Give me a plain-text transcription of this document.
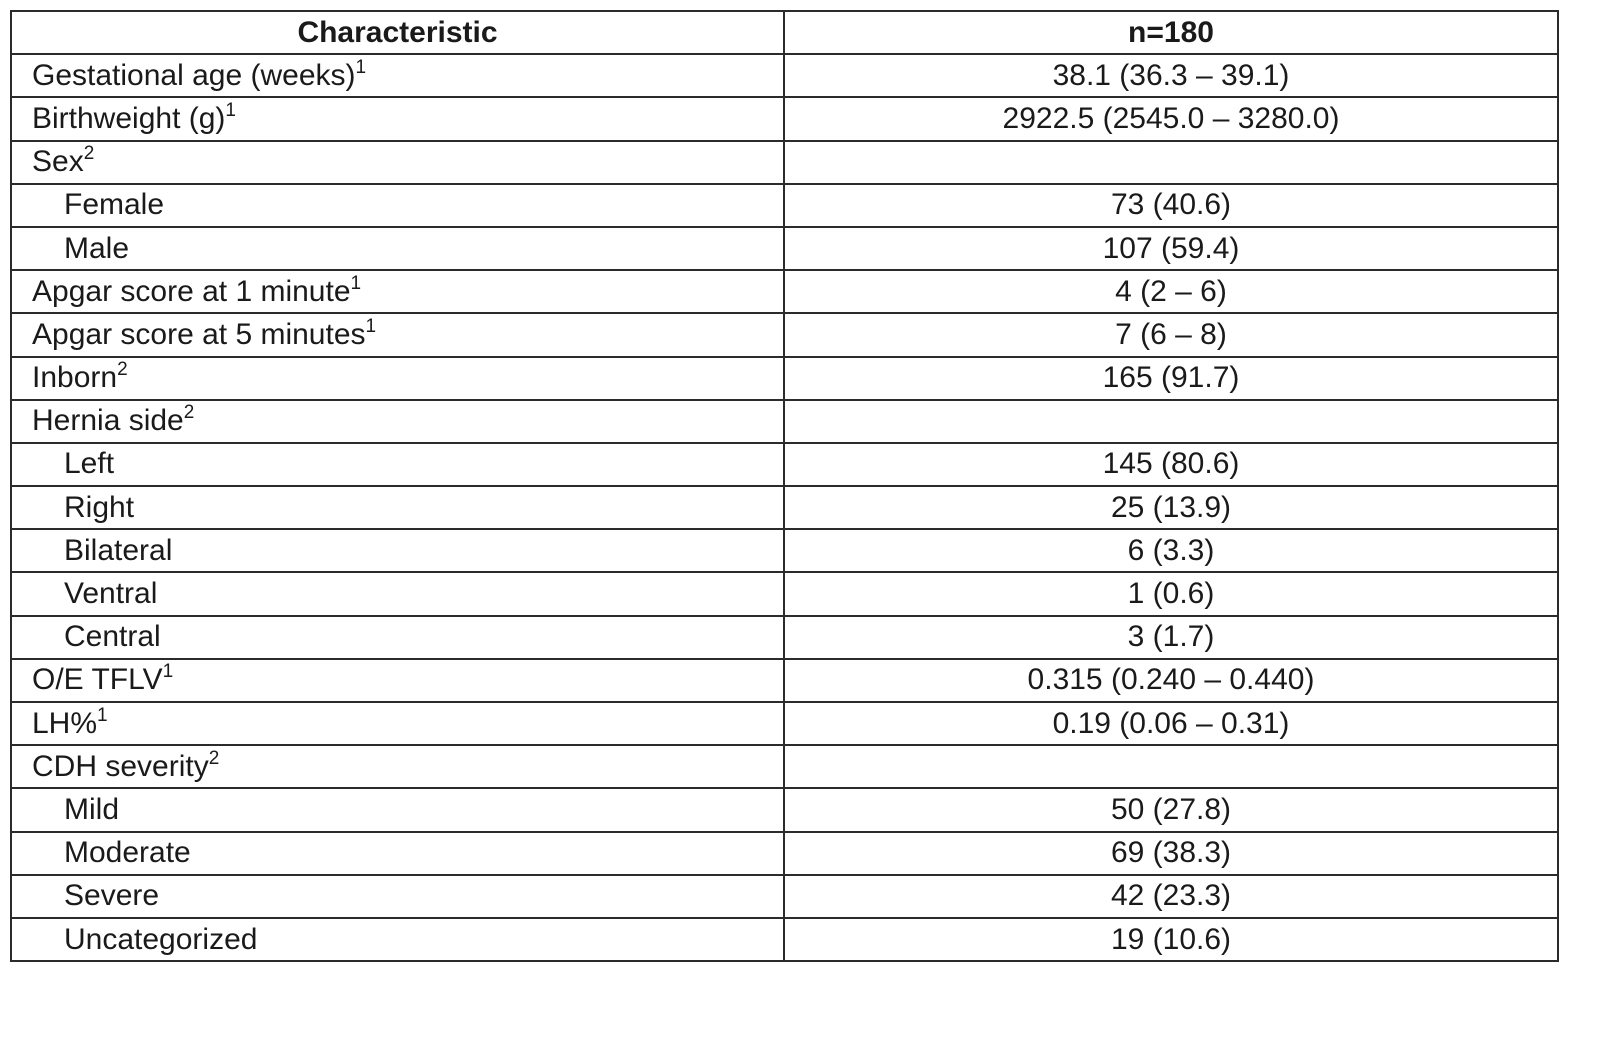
Characteristic	n=180
Gestational age (weeks)$^1$	38.1 (36.3 – 39.1)
Birthweight $(g)^1$	2922.5 (2545.0 – 3280.0)
Sex$^2$	
Female	73 (40.6)
Male	107 (59.4)
Apgar score at 1 minute$^1$	4 (2 – 6)
Apgar score at 5 minutes$^1$	7 (6 – 8)
Inborn$^2$	165 (91.7)
Hernia side$^2$	
Left	145 (80.6)
Right	25 (13.9)
Bilateral	6 (3.3)
Ventral	1 (0.6)
Central	3 (1.7)
O/E TFLV$^1$	0.315 (0.240 – 0.440)
LH%$^1$	0.19 (0.06 – 0.31)
CDH severity$^2$	
Mild	50 (27.8)
Moderate	69 (38.3)
Severe	42 (23.3)
Uncategorized	19 (10.6)
